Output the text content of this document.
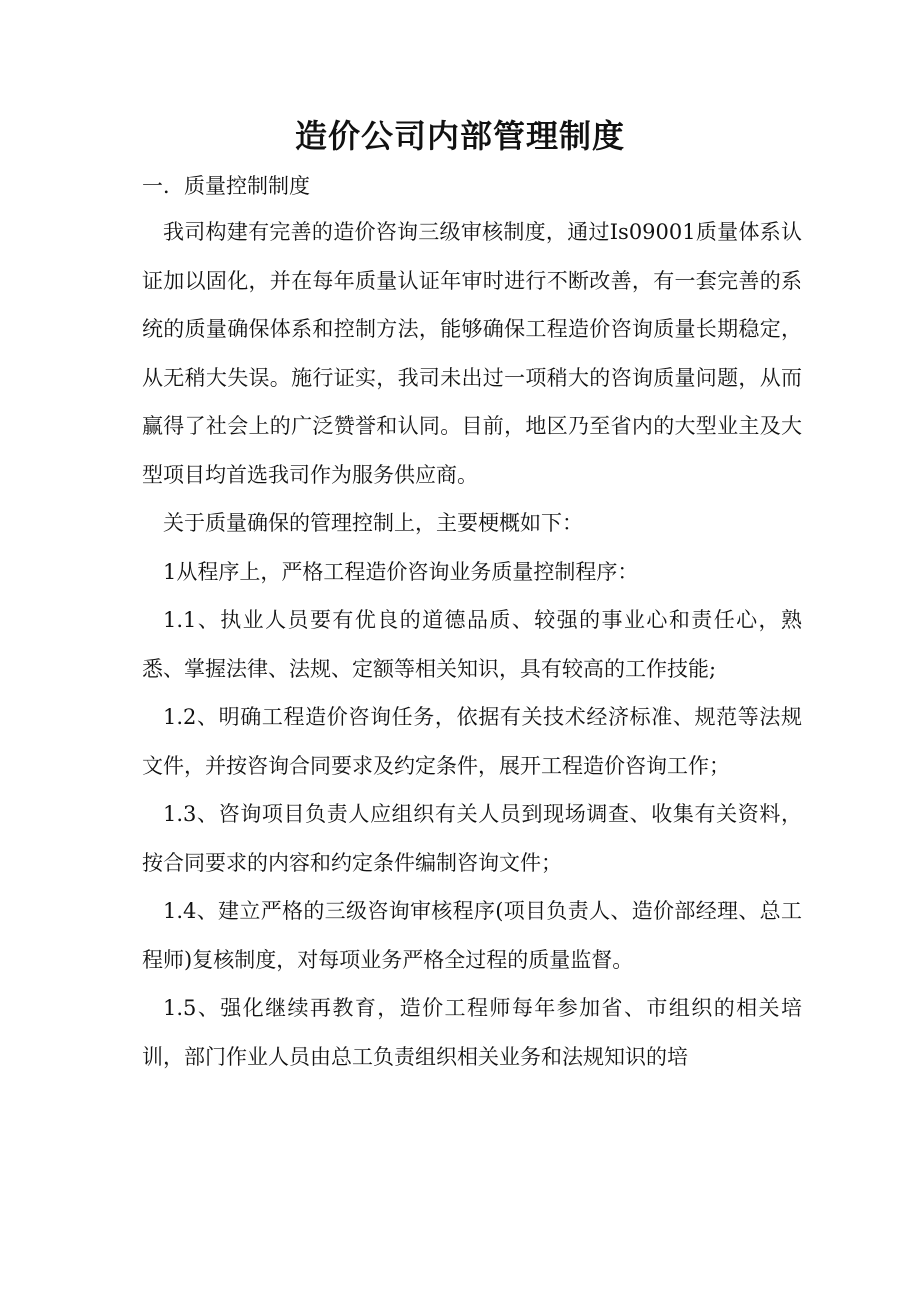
造价公司内部管理制度

一．质量控制制度

我司构建有完善的造价咨询三级审核制度，通过Is09001质量体系认证加以固化，并在每年质量认证年审时进行不断改善，有一套完善的系统的质量确保体系和控制方法，能够确保工程造价咨询质量长期稳定，从无稍大失误。施行证实，我司未出过一项稍大的咨询质量问题，从而赢得了社会上的广泛赞誉和认同。目前，地区乃至省内的大型业主及大型项目均首选我司作为服务供应商。

关于质量确保的管理控制上，主要梗概如下：

1从程序上，严格工程造价咨询业务质量控制程序：

1.1、执业人员要有优良的道德品质、较强的事业心和责任心，熟悉、掌握法律、法规、定额等相关知识，具有较高的工作技能;

1.2、明确工程造价咨询任务，依据有关技术经济标准、规范等法规文件，并按咨询合同要求及约定条件，展开工程造价咨询工作；

1.3、咨询项目负责人应组织有关人员到现场调查、收集有关资料，按合同要求的内容和约定条件编制咨询文件；

1.4、建立严格的三级咨询审核程序(项目负责人、造价部经理、总工程师)复核制度，对每项业务严格全过程的质量监督。

1.5、强化继续再教育，造价工程师每年参加省、市组织的相关培训，部门作业人员由总工负责组织相关业务和法规知识的培
